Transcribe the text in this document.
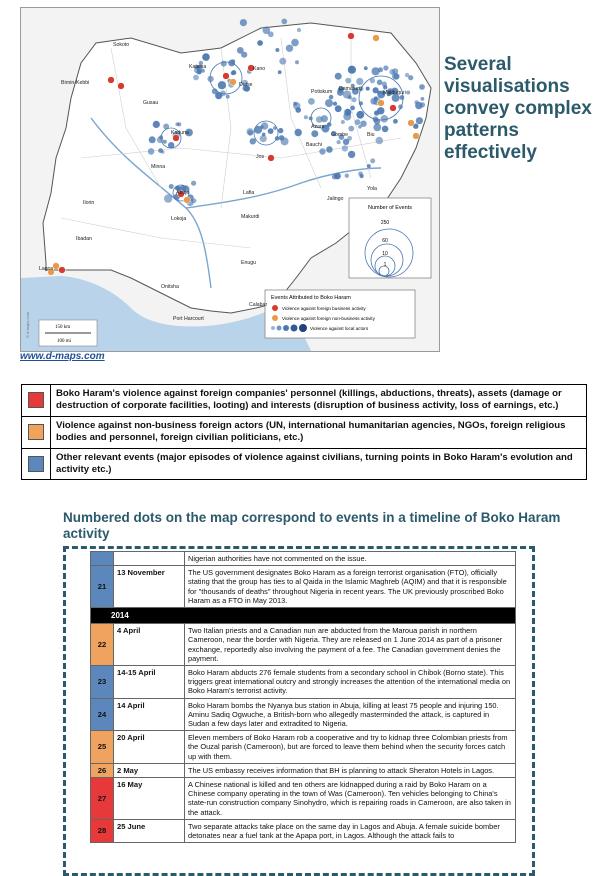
Number of Events
250
60
10
1
Events Attributed to Boko Haram
Violence against foreign business activity
Violence against foreign non-business activity
Violence against local actors
150 km
100 mi
© d-maps.com
Sokoto
Katsina	Kano
Birnin-Kebbi	Dutse
Potiskum Damaturu
Maiduguri
Gusau
Kaduna
Azare
Bauchi
Gombe	Biu
Jos
Minna
Abuja	Lafia
Jalingo
Yola
Ilorin
Makurdi
Lokoja
Ibadan
Lagos
Enugu
Onitsha
Calabar
Port Harcourt
www.d-maps.com
Several visualisations convey complex patterns effectively
	Boko Haram's violence against foreign companies' personnel (killings, abductions, threats), assets (damage or destruction of corporate facilities, looting) and interests (disruption of business activity, loss of earnings, etc.)
	Violence against non-business foreign actors (UN, international humanitarian agencies, NGOs, foreign religious bodies and personnel, foreign civilian politicians, etc.)
	Other relevant events (major episodes of violence against civilians, turning points in Boko Haram's evolution and activity etc.)
Numbered dots on the map correspond to events in a timeline of Boko Haram activity
		Nigerian authorities have not commented on the issue.
21	13 November	The US government designates Boko Haram as a foreign terrorist organisation (FTO), officially stating that the group has ties to al Qaida in the Islamic Maghreb (AQIM) and that it is responsible for "thousands of deaths" throughout Nigeria in recent years. The UK previously proscribed Boko Haram as a FTO in May 2013.
2014		
22	4 April	Two Italian priests and a Canadian nun are abducted from the Maroua parish in northern Cameroon, near the border with Nigeria. They are released on 1 June 2014 as part of a prisoner exchange, reportedly also involving the payment of a fee. The Canadian government denies the payment.
23	14-15 April	Boko Haram abducts 276 female students from a secondary school in Chibok (Borno state). This triggers great international outcry and strongly increases the attention of the international media on Boko Haram's terrorist activity.
24	14 April	Boko Haram bombs the Nyanya bus station in Abuja, killing at least 75 people and injuring 150. Aminu Sadiq Ogwuche, a British-born who allegedly masterminded the attack, is captured in Sudan a few days later and extradited to Nigeria.
25	20 April	Eleven members of Boko Haram rob a cooperative and try to kidnap three Colombian priests from the Ouzal parish (Cameroon), but are forced to leave them behind when the security forces catch up with them.
26	2 May	The US embassy receives information that BH is planning to attack Sheraton Hotels in Lagos.
27	16 May	A Chinese national is killed and ten others are kidnapped during a raid by Boko Haram on a Chinese company operating in the town of Was (Cameroon). Ten vehicles belonging to China's state-run construction company Sinohydro, which is repairing roads in Cameroon, are also taken in the attack.
28	25 June	Two separate attacks take place on the same day in Lagos and Abuja. A female suicide bomber detonates near a fuel tank at the Apapa port, in Lagos. Although the attack fails to
